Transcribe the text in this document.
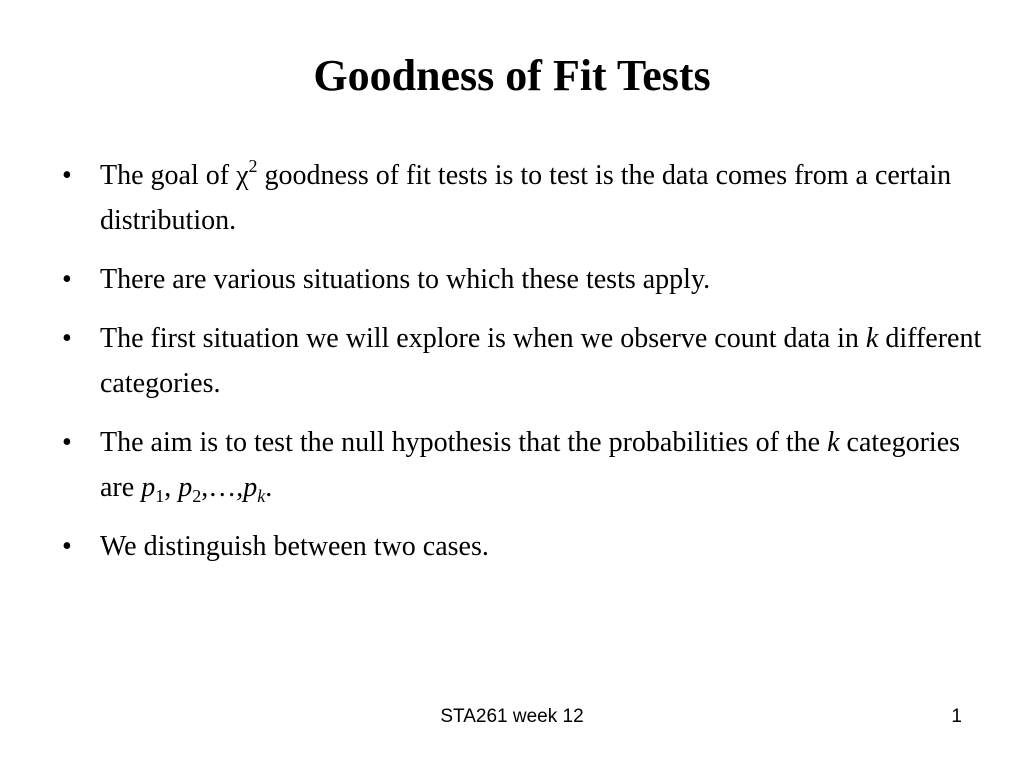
Goodness of Fit Tests
•	The goal of $\chi^2$ goodness of fit tests is to test is the data comes from a certain distribution.
•	There are various situations to which these tests apply.
•	The first situation we will explore is when we observe count data in k different categories.
•	The aim is to test the null hypothesis that the probabilities of the k categories are $p_1$, $p_2,\dots,p_k$.
•	We distinguish between two cases.
STA261 week 12	1
